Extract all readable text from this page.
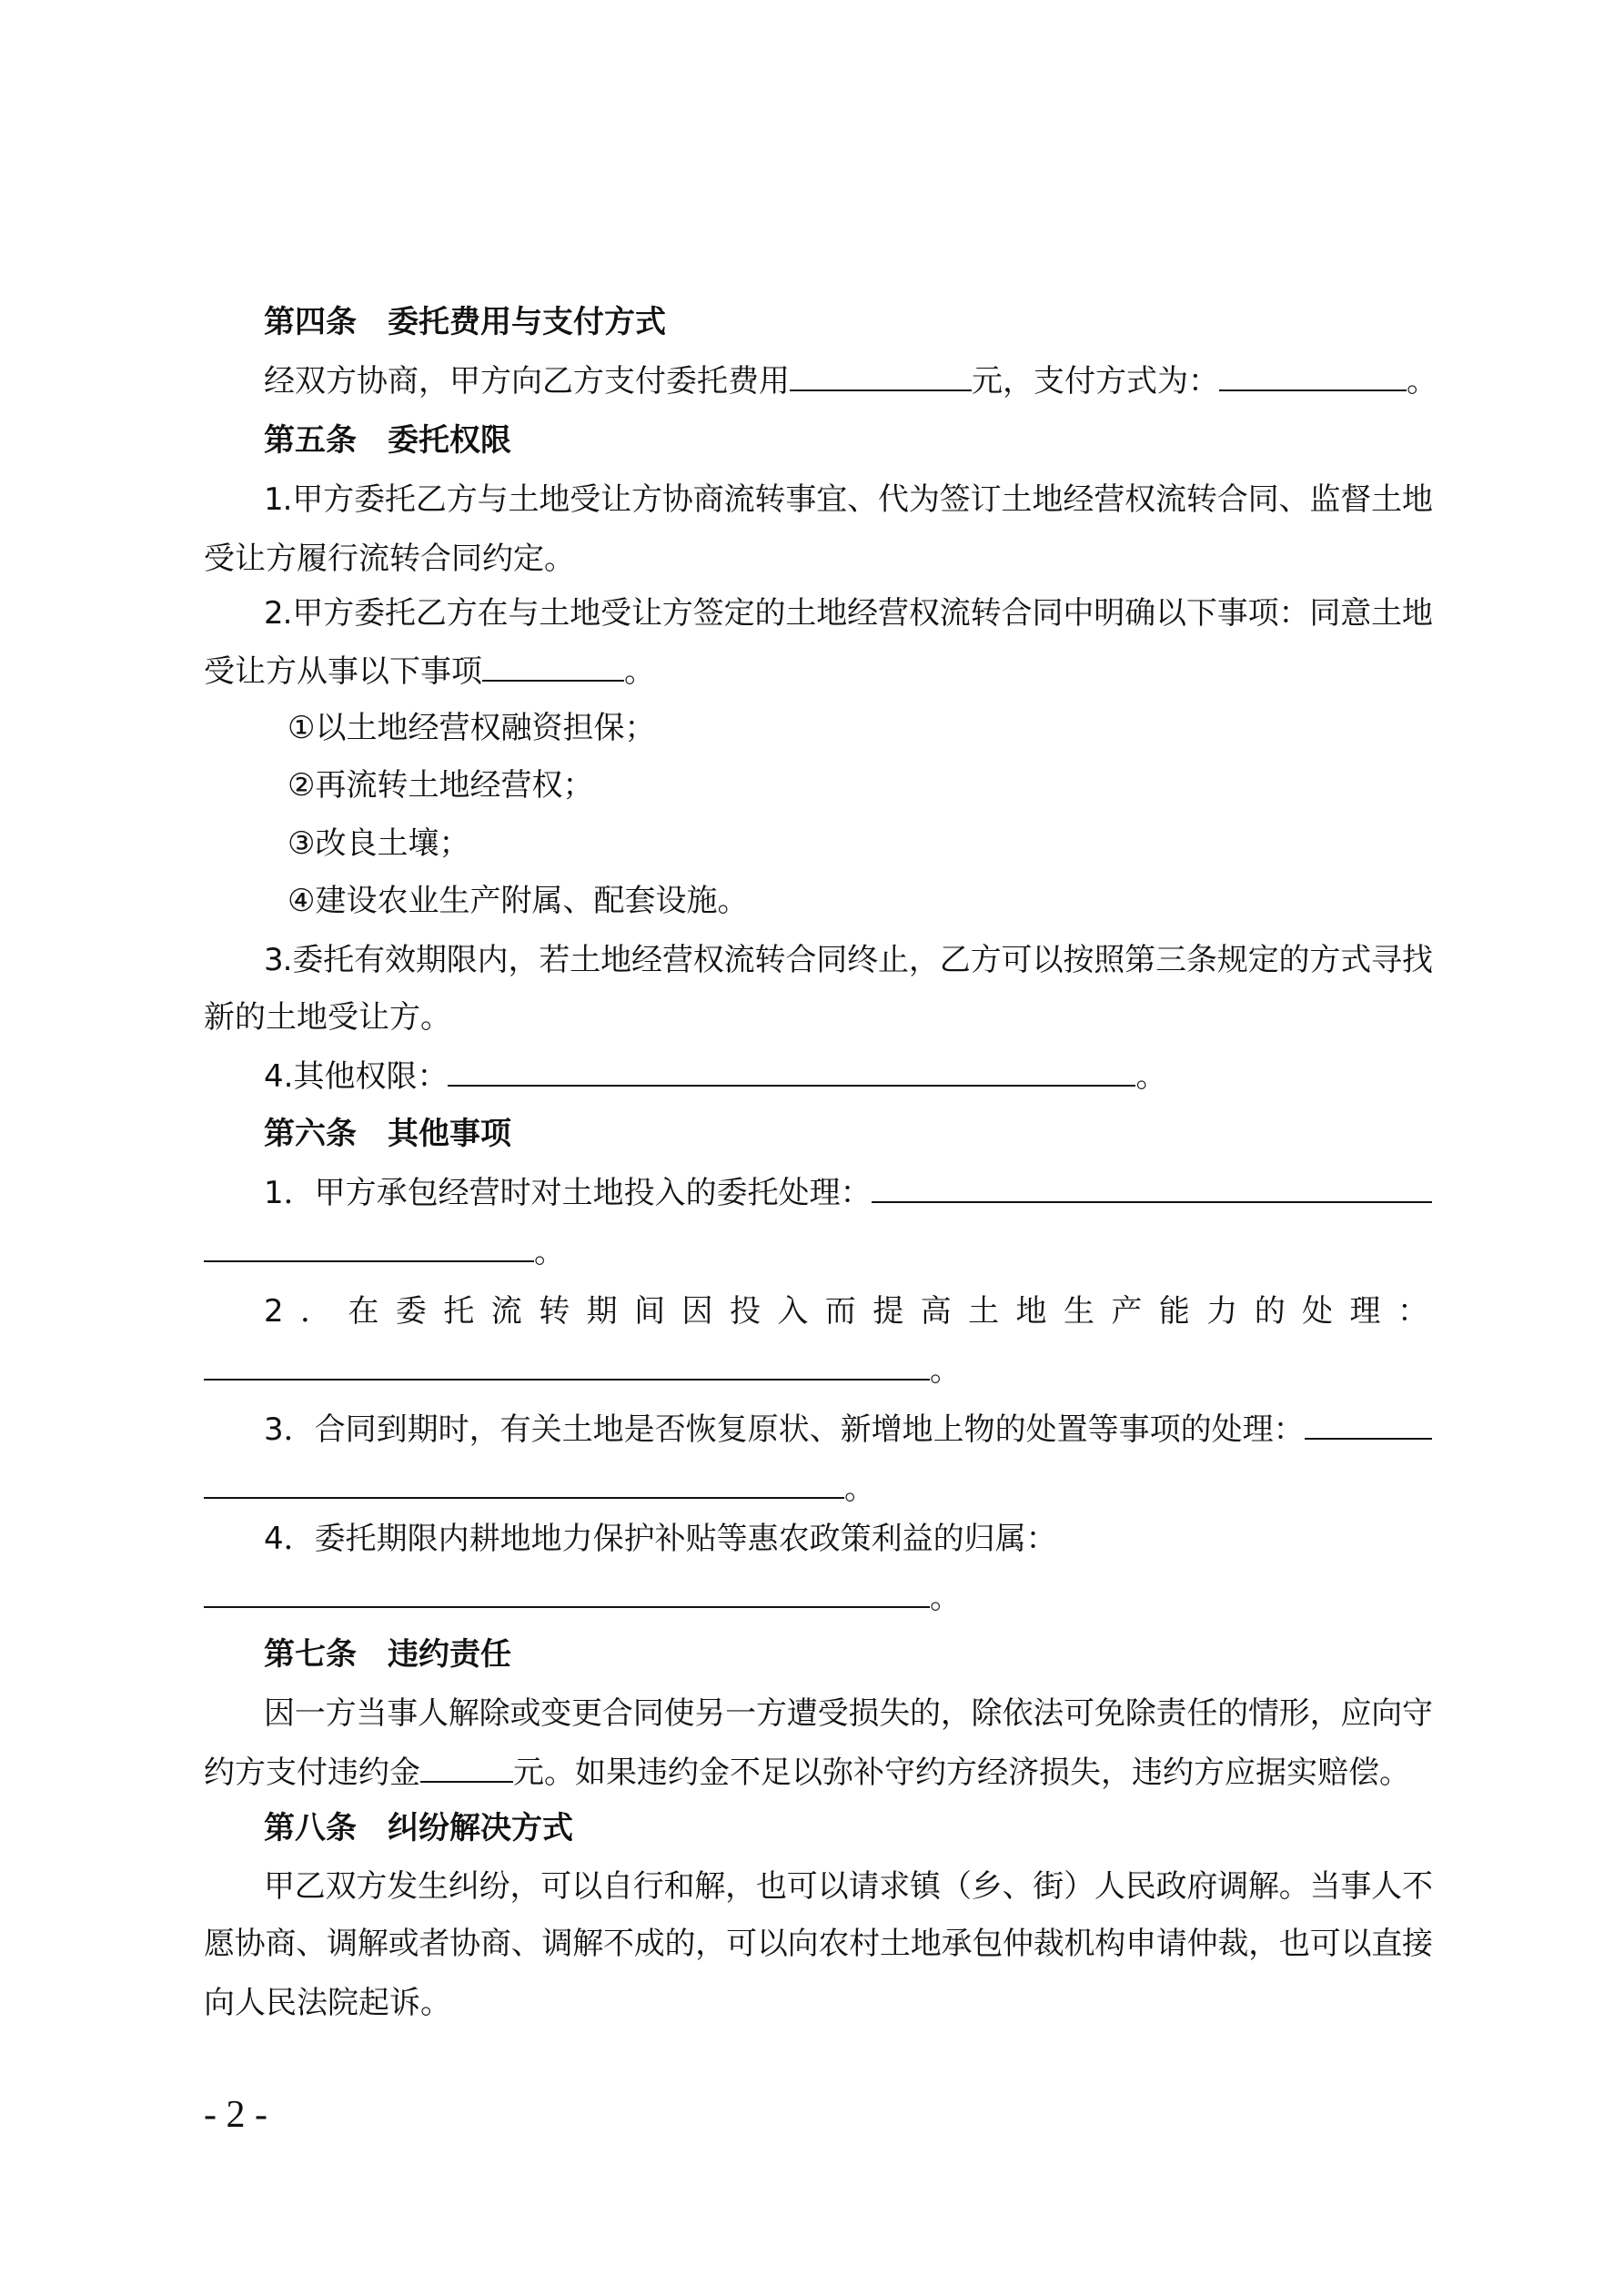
第四条　委托费用与支付方式
经双方协商，甲方向乙方支付委托费用	元，支付方式为：	。
第五条　委托权限
1.甲方委托乙方与土地受让方协商流转事宜、代为签订土地经营权流转合同、监督土地
受让方履行流转合同约定。
2.甲方委托乙方在与土地受让方签定的土地经营权流转合同中明确以下事项：同意土地
受让方从事以下事项	。
①以土地经营权融资担保；
②再流转土地经营权；
③改良土壤；
④建设农业生产附属、配套设施。
3.委托有效期限内，若土地经营权流转合同终止，乙方可以按照第三条规定的方式寻找
新的土地受让方。
4.其他权限：	。
第六条　其他事项
1．甲方承包经营时对土地投入的委托处理：
。
2．在委托流转期间因投入而提高土地生产能力的处理：
。
3．合同到期时，有关土地是否恢复原状、新增地上物的处置等事项的处理：
。
4．委托期限内耕地地力保护补贴等惠农政策利益的归属：
。
第七条　违约责任
因一方当事人解除或变更合同使另一方遭受损失的，除依法可免除责任的情形，应向守
约方支付违约金	元。如果违约金不足以弥补守约方经济损失，违约方应据实赔偿。
第八条　纠纷解决方式
甲乙双方发生纠纷，可以自行和解，也可以请求镇（乡、街）人民政府调解。当事人不
愿协商、调解或者协商、调解不成的，可以向农村土地承包仲裁机构申请仲裁，也可以直接
向人民法院起诉。
- 2 -
